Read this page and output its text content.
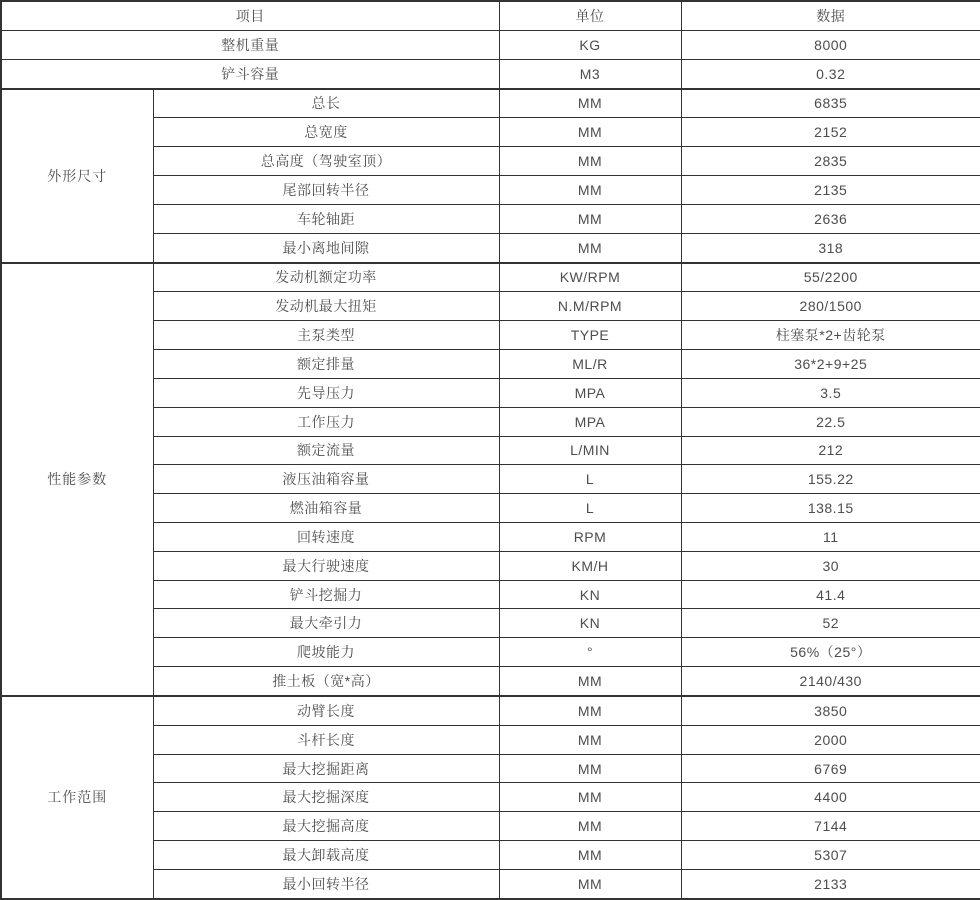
项目		单位	数据
整机重量		KG	8000
铲斗容量		M3	0.32
外形尺寸	总长	MM	6835
	总宽度	MM	2152
	总高度（驾驶室顶）	MM	2835
	尾部回转半径	MM	2135
	车轮轴距	MM	2636
	最小离地间隙	MM	318
性能参数	发动机额定功率	KW/RPM	55/2200
	发动机最大扭矩	N.M/RPM	280/1500
	主泵类型	TYPE	柱塞泵*2+齿轮泵
	额定排量	ML/R	36*2+9+25
	先导压力	MPA	3.5
	工作压力	MPA	22.5
	额定流量	L/MIN	212
	液压油箱容量	L	155.22
	燃油箱容量	L	138.15
	回转速度	RPM	11
	最大行驶速度	KM/H	30
	铲斗挖掘力	KN	41.4
	最大牵引力	KN	52
	爬坡能力	°	56%（25°）
	推土板（宽*高）	MM	2140/430
工作范围	动臂长度	MM	3850
	斗杆长度	MM	2000
	最大挖掘距离	MM	6769
	最大挖掘深度	MM	4400
	最大挖掘高度	MM	7144
	最大卸载高度	MM	5307
	最小回转半径	MM	2133
